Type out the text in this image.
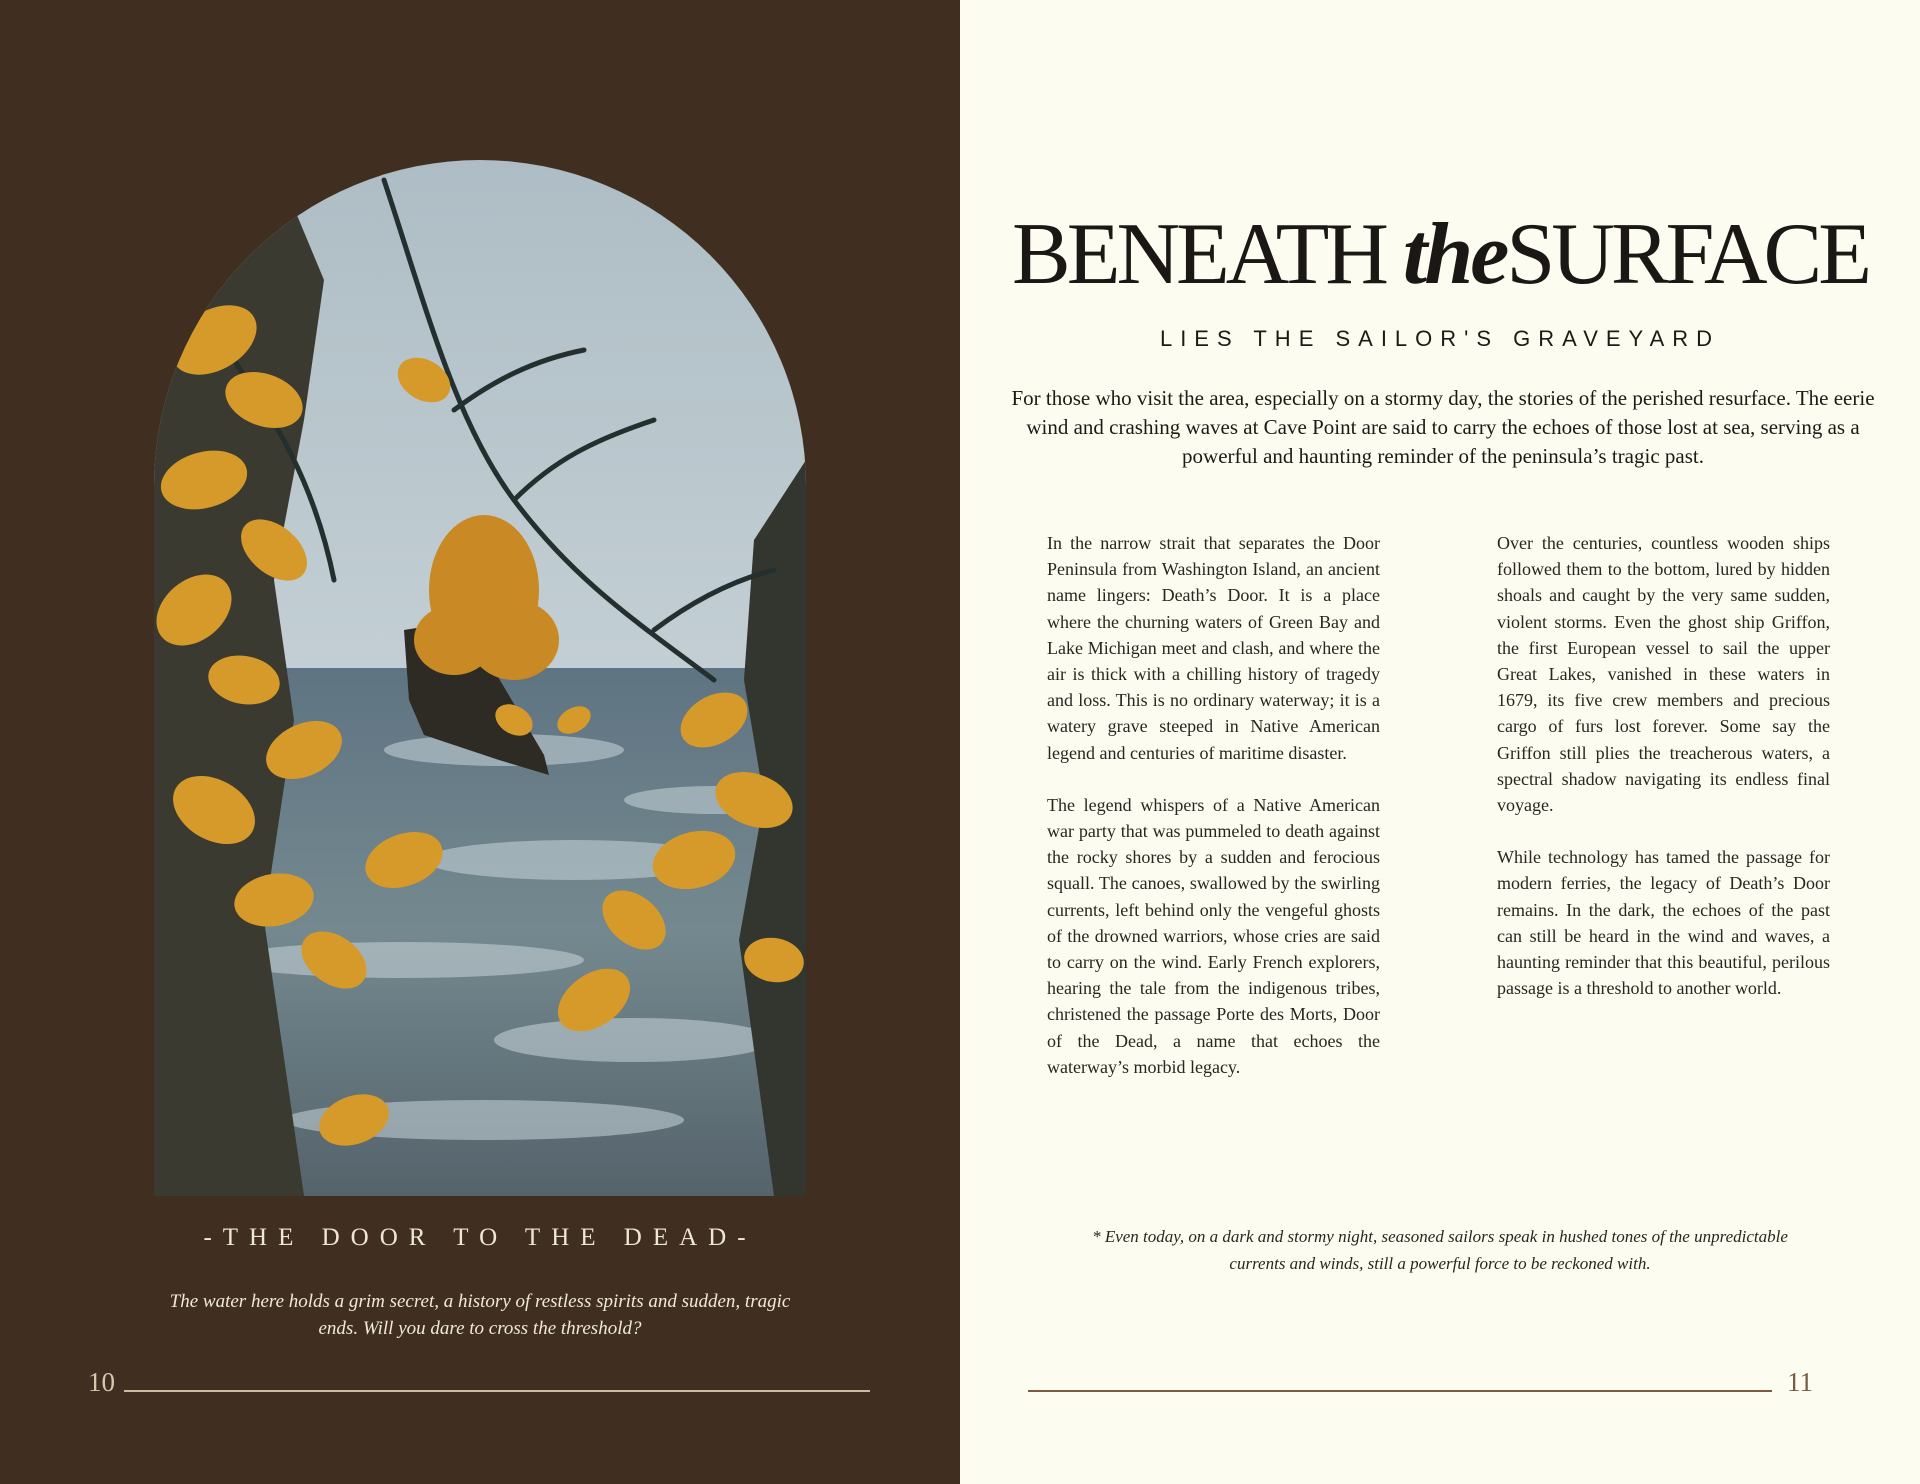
-THE DOOR TO THE DEAD-
The water here holds a grim secret, a history of restless spirits and sudden, tragic ends. Will you dare to cross the threshold?
10
BENEATH theSURFACE
LIES THE SAILOR'S GRAVEYARD
For those who visit the area, especially on a stormy day, the stories of the perished resurface. The eerie wind and crashing waves at Cave Point are said to carry the echoes of those lost at sea, serving as a powerful and haunting reminder of the peninsula’s tragic past.

In the narrow strait that separates the Door Peninsula from Washington Island, an ancient name lingers: Death’s Door. It is a place where the churning waters of Green Bay and Lake Michigan meet and clash, and where the air is thick with a chilling history of tragedy and loss. This is no ordinary waterway; it is a watery grave steeped in Native American legend and centuries of maritime disaster.

The legend whispers of a Native American war party that was pummeled to death against the rocky shores by a sudden and ferocious squall. The canoes, swallowed by the swirling currents, left behind only the vengeful ghosts of the drowned warriors, whose cries are said to carry on the wind. Early French explorers, hearing the tale from the indigenous tribes, christened the passage Porte des Morts, Door of the Dead, a name that echoes the waterway’s morbid legacy.

Over the centuries, countless wooden ships followed them to the bottom, lured by hidden shoals and caught by the very same sudden, violent storms. Even the ghost ship Griffon, the first European vessel to sail the upper Great Lakes, vanished in these waters in 1679, its five crew members and precious cargo of furs lost forever. Some say the Griffon still plies the treacherous waters, a spectral shadow navigating its endless final voyage.

While technology has tamed the passage for modern ferries, the legacy of Death’s Door remains. In the dark, the echoes of the past can still be heard in the wind and waves, a haunting reminder that this beautiful, perilous passage is a threshold to another world.

* Even today, on a dark and stormy night, seasoned sailors speak in hushed tones of the unpredictable currents and winds, still a powerful force to be reckoned with.
11
